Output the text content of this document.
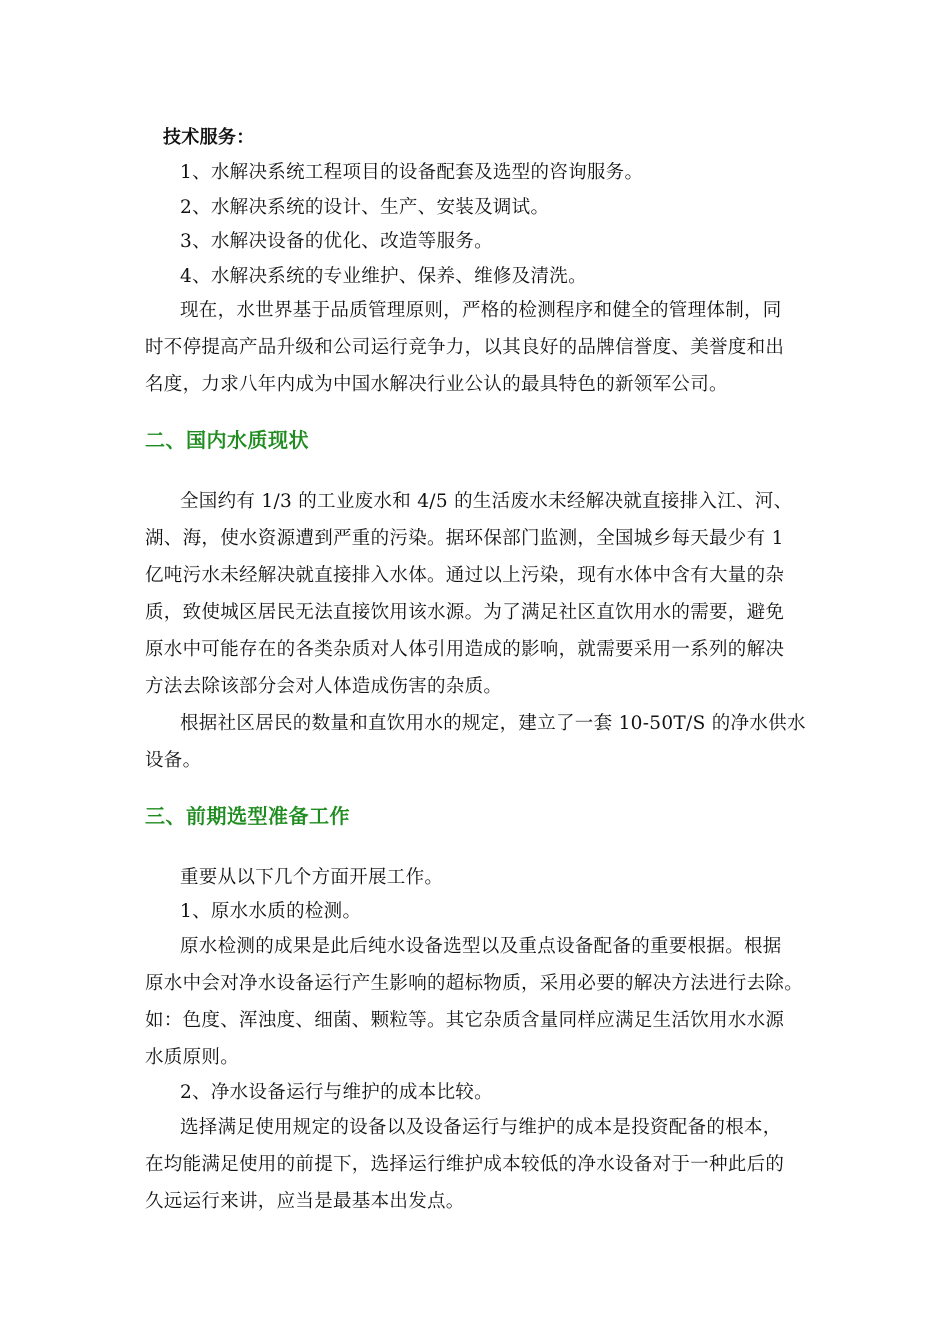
技术服务：
1、水解决系统工程项目的设备配套及选型的咨询服务。
2、水解决系统的设计、生产、安装及调试。
3、水解决设备的优化、改造等服务。
4、水解决系统的专业维护、保养、维修及清洗。
现在，水世界基于品质管理原则，严格的检测程序和健全的管理体制，同
时不停提高产品升级和公司运行竞争力，以其良好的品牌信誉度、美誉度和出
名度，力求八年内成为中国水解决行业公认的最具特色的新领军公司。
二、国内水质现状
全国约有 1/3 的工业废水和 4/5 的生活废水未经解决就直接排入江、河、
湖、海，使水资源遭到严重的污染。据环保部门监测，全国城乡每天最少有 1
亿吨污水未经解决就直接排入水体。通过以上污染，现有水体中含有大量的杂
质，致使城区居民无法直接饮用该水源。为了满足社区直饮用水的需要，避免
原水中可能存在的各类杂质对人体引用造成的影响，就需要采用一系列的解决
方法去除该部分会对人体造成伤害的杂质。
根据社区居民的数量和直饮用水的规定，建立了一套 10-50T/S 的净水供水
设备。
三、前期选型准备工作
重要从以下几个方面开展工作。
1、原水水质的检测。
原水检测的成果是此后纯水设备选型以及重点设备配备的重要根据。根据
原水中会对净水设备运行产生影响的超标物质，采用必要的解决方法进行去除。
如：色度、浑浊度、细菌、颗粒等。其它杂质含量同样应满足生活饮用水水源
水质原则。
2、净水设备运行与维护的成本比较。
选择满足使用规定的设备以及设备运行与维护的成本是投资配备的根本，
在均能满足使用的前提下，选择运行维护成本较低的净水设备对于一种此后的
久远运行来讲，应当是最基本出发点。
